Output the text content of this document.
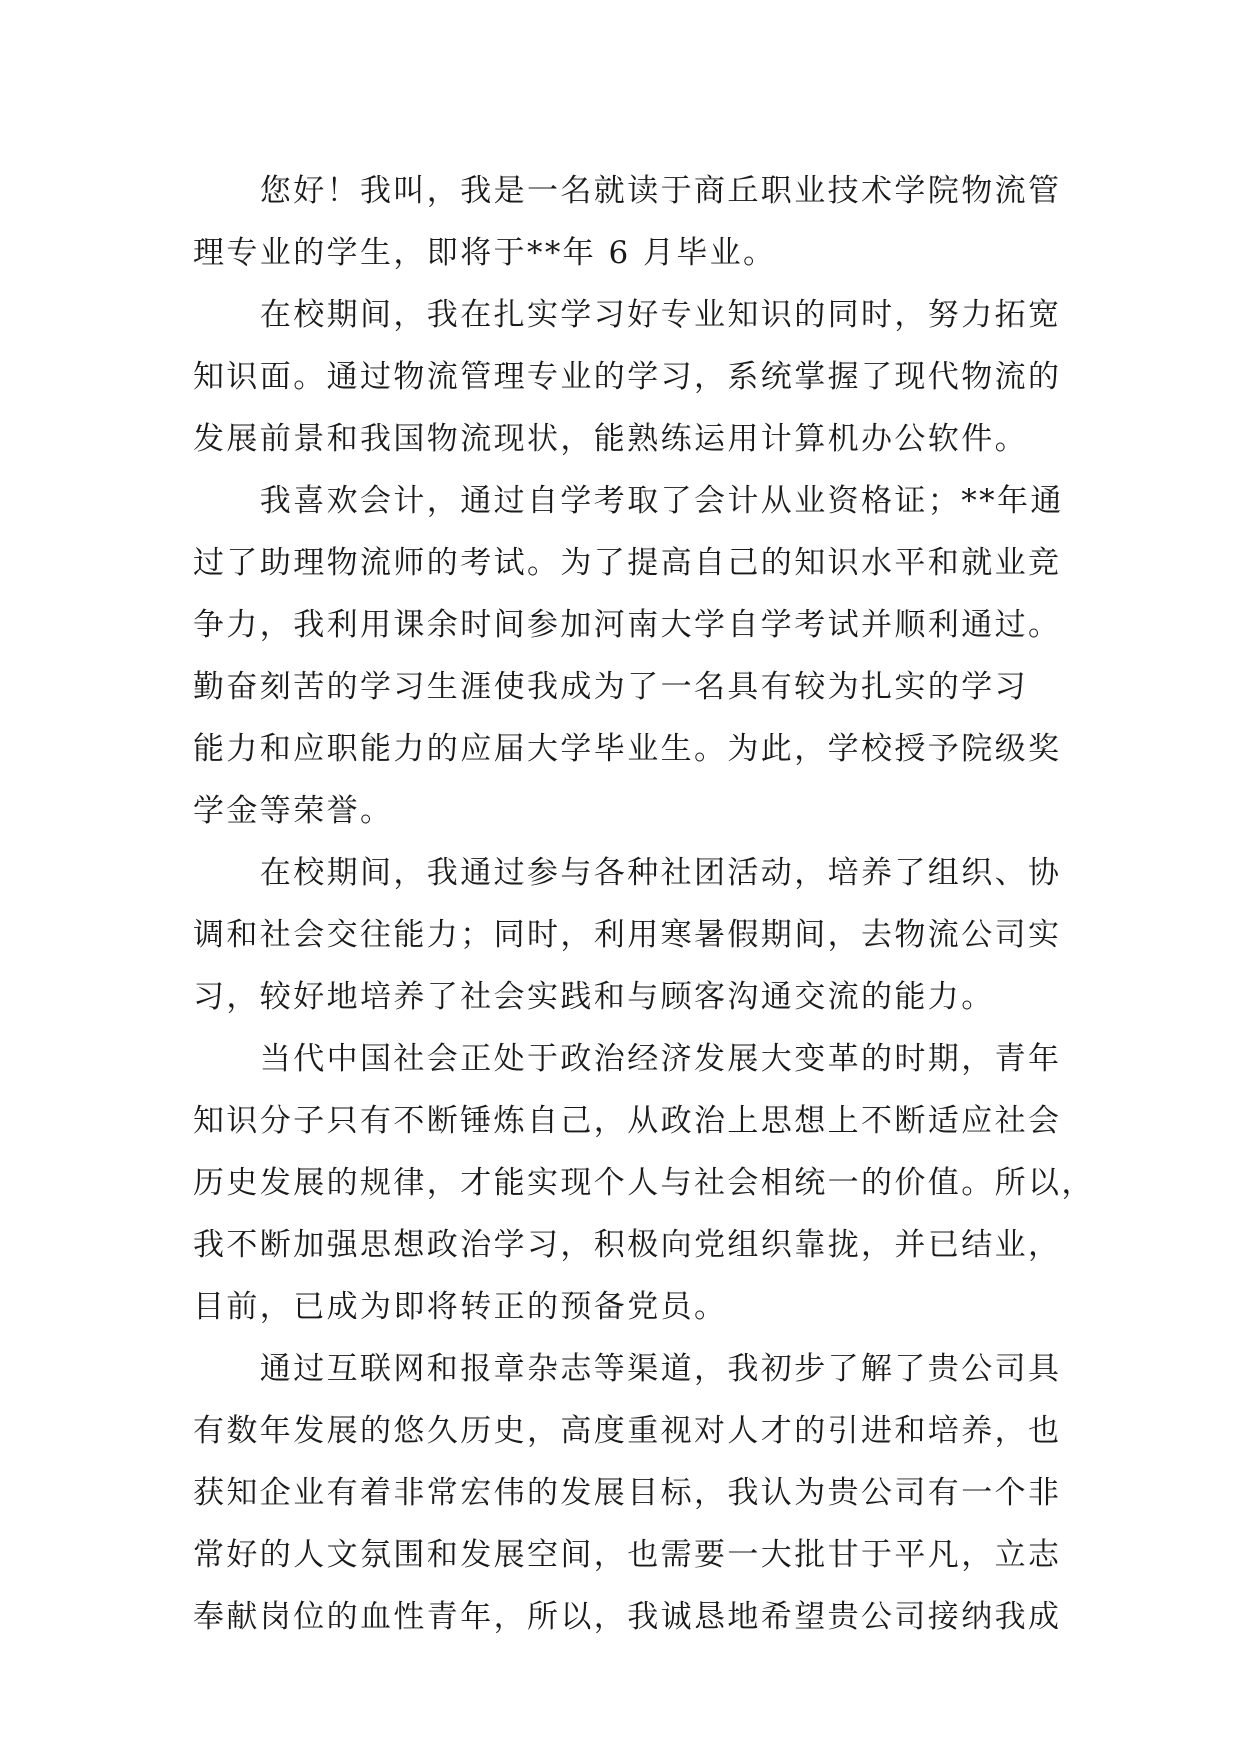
　　您好！我叫，我是一名就读于商丘职业技术学院物流管
理专业的学生，即将于**年 6 月毕业。
　　在校期间，我在扎实学习好专业知识的同时，努力拓宽
知识面。通过物流管理专业的学习，系统掌握了现代物流的
发展前景和我国物流现状，能熟练运用计算机办公软件。
　　我喜欢会计，通过自学考取了会计从业资格证；**年通
过了助理物流师的考试。为了提高自己的知识水平和就业竞
争力，我利用课余时间参加河南大学自学考试并顺利通过。
勤奋刻苦的学习生涯使我成为了一名具有较为扎实的学习
能力和应职能力的应届大学毕业生。为此，学校授予院级奖
学金等荣誉。
　　在校期间，我通过参与各种社团活动，培养了组织、协
调和社会交往能力；同时，利用寒暑假期间，去物流公司实
习，较好地培养了社会实践和与顾客沟通交流的能力。
　　当代中国社会正处于政治经济发展大变革的时期，青年
知识分子只有不断锤炼自己，从政治上思想上不断适应社会
历史发展的规律，才能实现个人与社会相统一的价值。所以，
我不断加强思想政治学习，积极向党组织靠拢，并已结业，
目前，已成为即将转正的预备党员。
　　通过互联网和报章杂志等渠道，我初步了解了贵公司具
有数年发展的悠久历史，高度重视对人才的引进和培养，也
获知企业有着非常宏伟的发展目标，我认为贵公司有一个非
常好的人文氛围和发展空间，也需要一大批甘于平凡，立志
奉献岗位的血性青年，所以，我诚恳地希望贵公司接纳我成
